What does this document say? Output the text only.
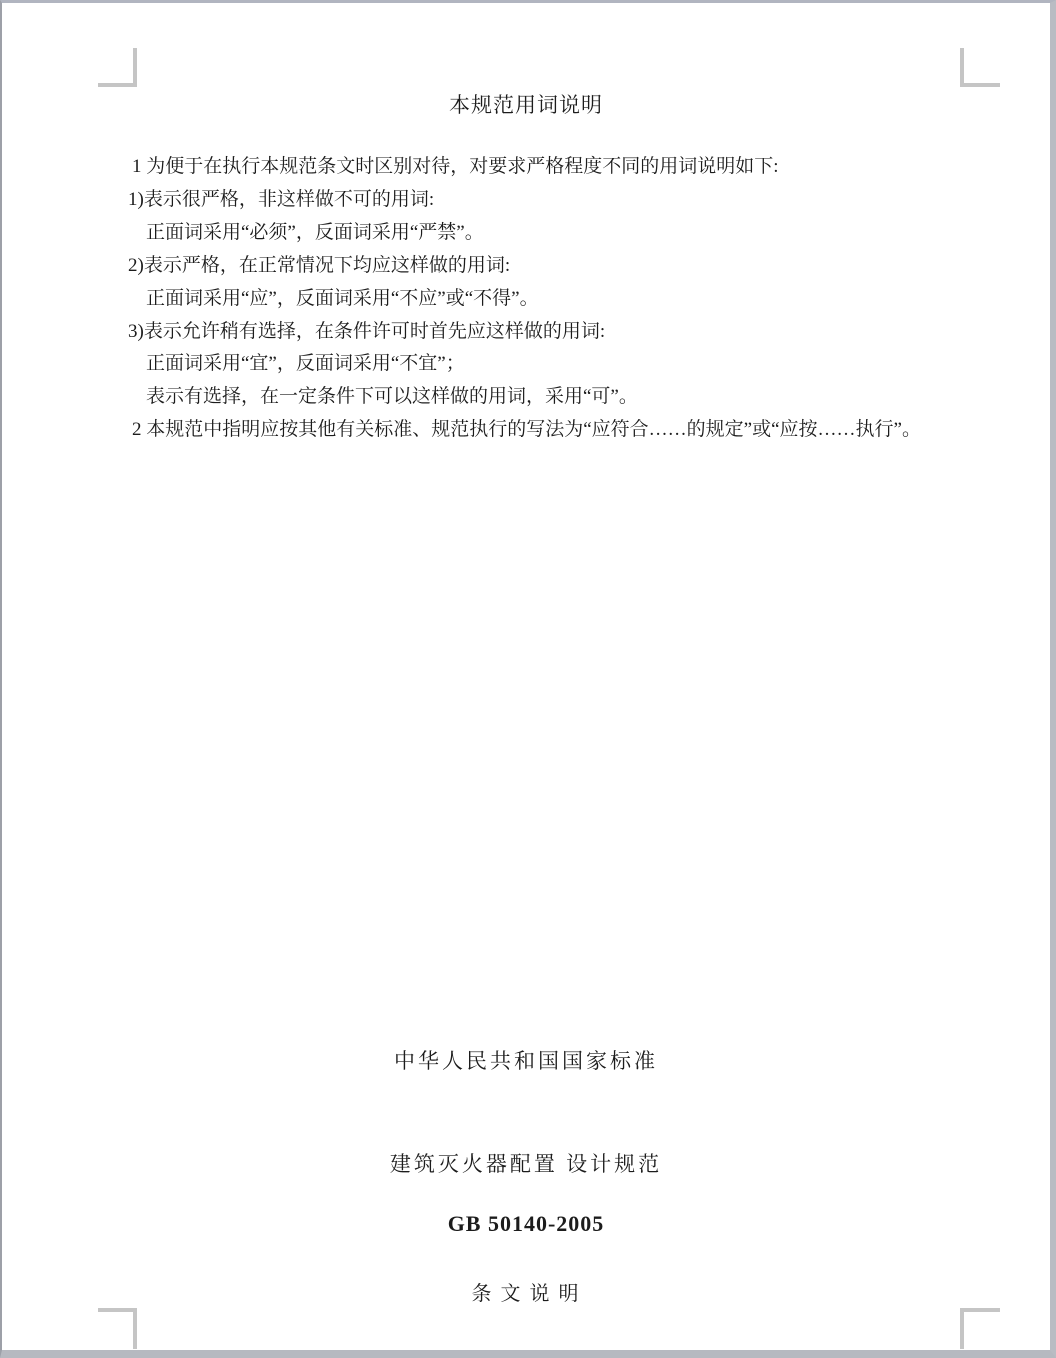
本规范用词说明
1 为便于在执行本规范条文时区别对待，对要求严格程度不同的用词说明如下:
1)表示很严格，非这样做不可的用词:
正面词采用“必须”，反面词采用“严禁”。
2)表示严格，在正常情况下均应这样做的用词:
正面词采用“应”，反面词采用“不应”或“不得”。
3)表示允许稍有选择，在条件许可时首先应这样做的用词:
正面词采用“宜”，反面词采用“不宜”；
表示有选择，在一定条件下可以这样做的用词，采用“可”。
2 本规范中指明应按其他有关标准、规范执行的写法为“应符合……的规定”或“应按……执行”。
中华人民共和国国家标准
建筑灭火器配置 设计规范
GB 50140-2005
条 文 说 明
